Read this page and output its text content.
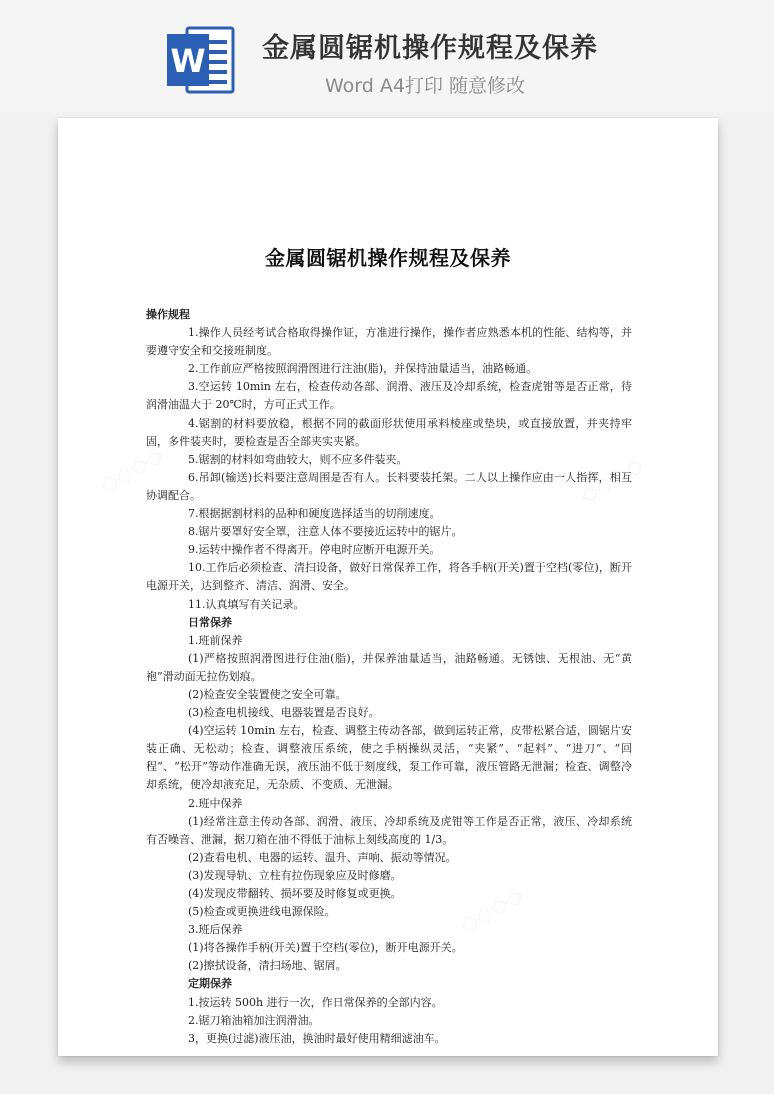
W 金属圆锯机操作规程及保养
Word A4打印 随意修改
金属圆锯机操作规程及保养

操作规程

1.操作人员经考试合格取得操作证，方准进行操作，操作者应熟悉本机的性能、结构等，并要遵守安全和交接班制度。

2.工作前应严格按照润滑图进行注油(脂)，并保持油量适当，油路畅通。

3.空运转 10min 左右，检查传动各部、润滑、液压及冷却系统，检查虎钳等是否正常，待润滑油温大于 20℃时，方可正式工作。

4.锯割的材料要放稳，根据不同的截面形状使用承料棱座或垫块，或直接放置，并夹持牢固，多件装夹时，要检查是否全部夹实夹紧。

5.锯割的材料如弯曲较大，则不应多件装夹。

6.吊卸(输送)长料要注意周围是否有人。长料要装托架。二人以上操作应由一人指挥，相互协调配合。

7.根据据割材料的品种和硬度选择适当的切削速度。

8.锯片要罩好安全罩，注意人体不要接近运转中的锯片。

9.运转中操作者不得离开。停电时应断开电源开关。

10.工作后必须检查、清扫设备，做好日常保养工作，将各手柄(开关)置于空档(零位)，断开电源开关，达到整齐、清洁、润滑、安全。

11.认真填写有关记录。

日常保养

1.班前保养

(1)严格按照润滑图进行住油(脂)，并保养油量适当，油路畅通。无锈蚀、无根油、无“黄袍”滑动面无拉伤划痕。

(2)检查安全装置使之安全可靠。

(3)检查电机接线、电器装置是否良好。

(4)空运转 10min 左右，检查、调整主传动各部，做到运转正常，皮带松紧合适，圆锯片安装正确、无松动；检查、调整液压系统，使之手柄操纵灵活，“夹紧”、“起料”、“进刀”、“回程”、“松开”等动作准确无误，液压油不低于刻度线，泵工作可靠，液压管路无泄漏；检查、调整冷却系统，使冷却液充足，无杂质、不变质、无泄漏。

2.班中保养

(1)经常注意主传动各部、润滑、液压、冷却系统及虎钳等工作是否正常，液压、冷却系统有否噪音、泄漏，据刀箱在油不得低于油标上刻线高度的 1/3。

(2)查看电机、电器的运转、温升、声响、振动等情况。

(3)发现导轨、立柱有拉伤现象应及时修磨。

(4)发现皮带翻转、损坏要及时修复或更换。

(5)检查或更换进线电源保险。

3.班后保养

(1)将各操作手柄(开关)置于空档(零位)，断开电源开关。

(2)擦拭设备，清扫场地、锯屑。

定期保养

1.按运转 500h 进行一次，作日常保养的全部内容。

2.锯刀箱油箱加注润滑油。

3，更换(过滤)液压油，换油时最好使用精细滤油车。
